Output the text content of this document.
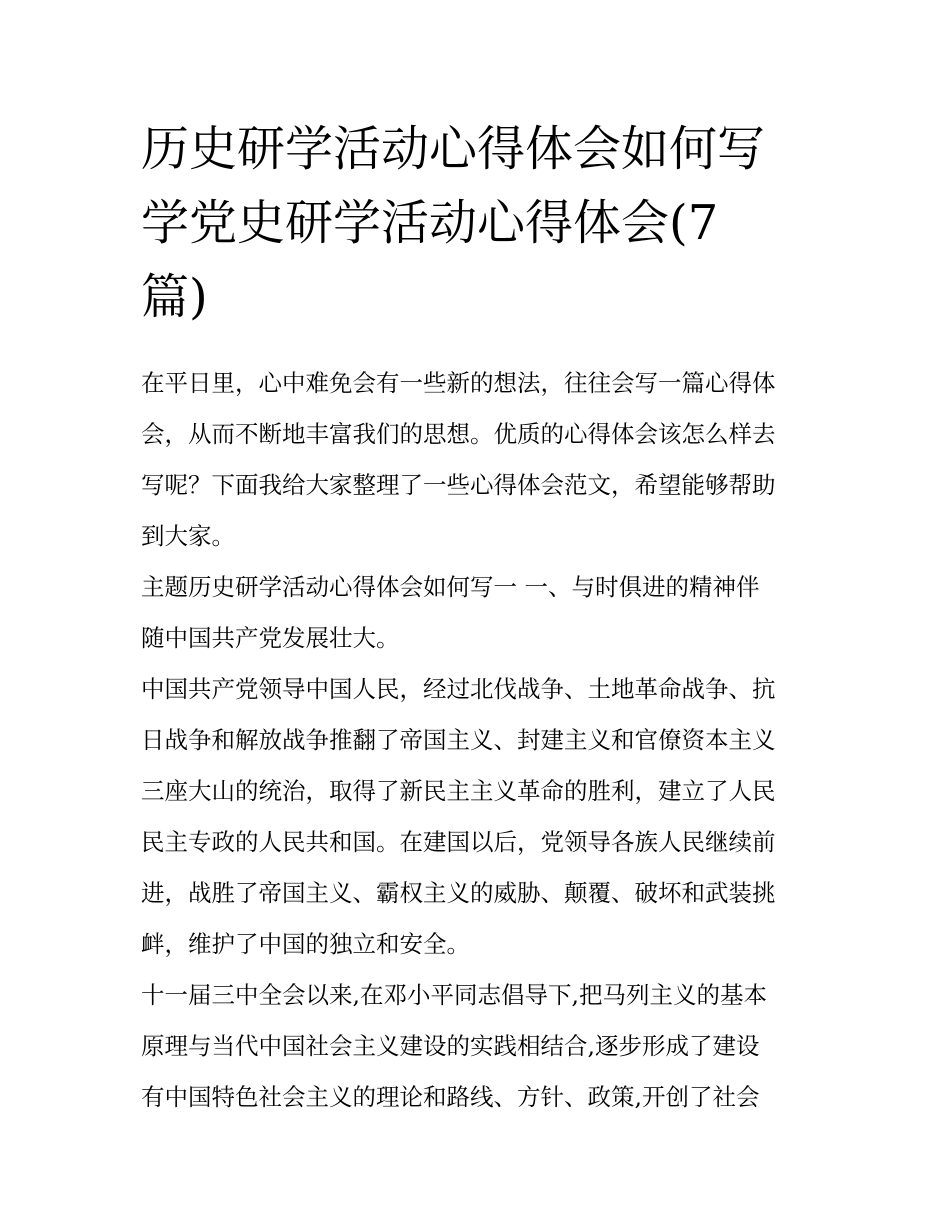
历史研学活动心得体会如何写
学党史研学活动心得体会(7
篇)

在平日里，心中难免会有一些新的想法，往往会写一篇心得体
会，从而不断地丰富我们的思想。优质的心得体会该怎么样去
写呢？下面我给大家整理了一些心得体会范文，希望能够帮助
到大家。

主题历史研学活动心得体会如何写一 一、与时俱进的精神伴
随中国共产党发展壮大。

中国共产党领导中国人民，经过北伐战争、土地革命战争、抗
日战争和解放战争推翻了帝国主义、封建主义和官僚资本主义
三座大山的统治，取得了新民主主义革命的胜利，建立了人民
民主专政的人民共和国。在建国以后，党领导各族人民继续前
进，战胜了帝国主义、霸权主义的威胁、颠覆、破坏和武装挑
衅，维护了中国的独立和安全。

十一届三中全会以来,在邓小平同志倡导下,把马列主义的基本
原理与当代中国社会主义建设的实践相结合,逐步形成了建设
有中国特色社会主义的理论和路线、方针、政策,开创了社会
